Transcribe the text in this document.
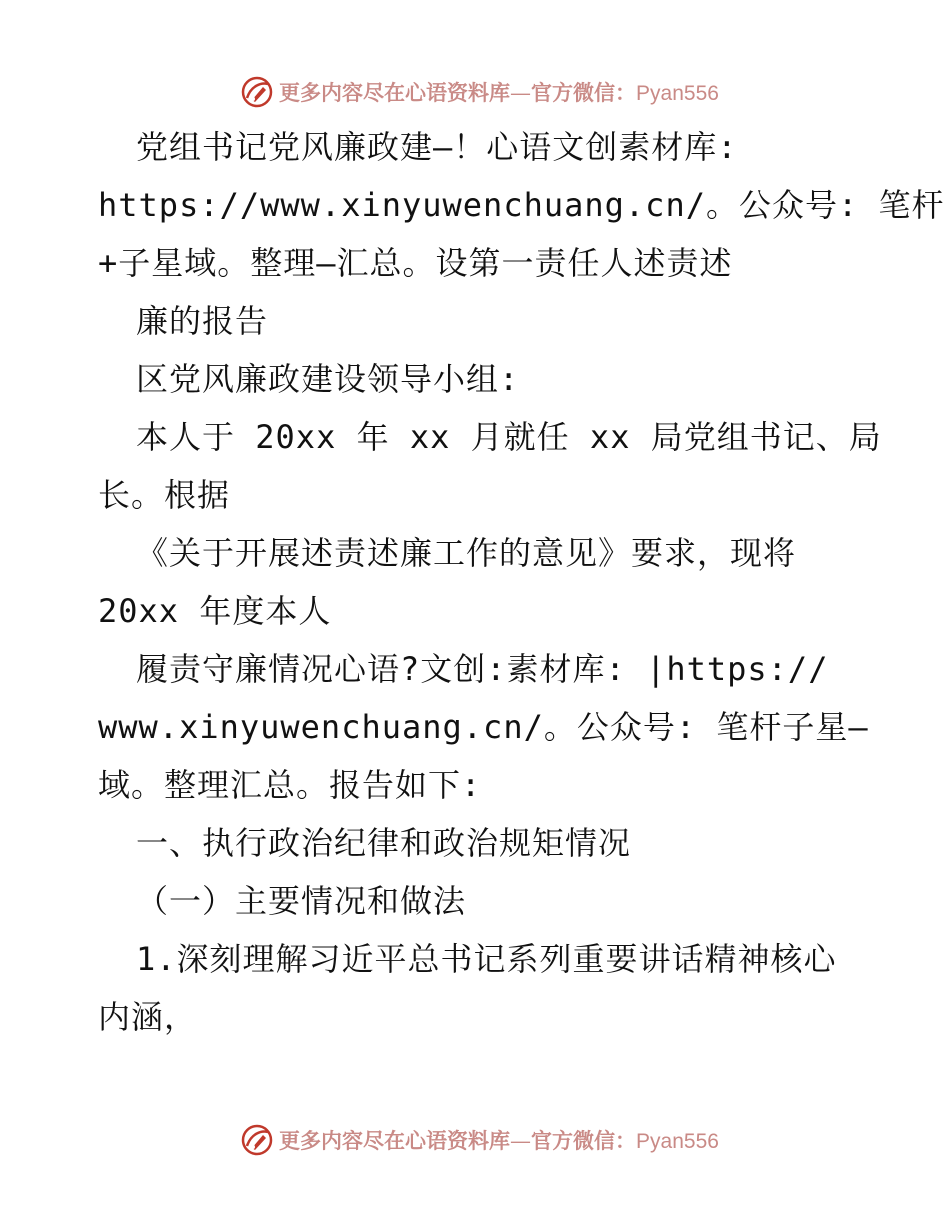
更多内容尽在心语资料库—官方微信：Pyan556
党组书记党风廉政建—！心语文创素材库:
https://www.xinyuwenchuang.cn/。公众号: 笔杆
+子星域。整理—汇总。设第一责任人述责述
廉的报告
区党风廉政建设领导小组:
本人于 20xx 年 xx 月就任 xx 局党组书记、局
长。根据
《关于开展述责述廉工作的意见》要求，现将
20xx 年度本人
履责守廉情况心语?文创:素材库: |https://
www.xinyuwenchuang.cn/。公众号: 笔杆子星—
域。整理汇总。报告如下:
一、执行政治纪律和政治规矩情况
（一）主要情况和做法
1.深刻理解习近平总书记系列重要讲话精神核心
内涵，
更多内容尽在心语资料库—官方微信：Pyan556
